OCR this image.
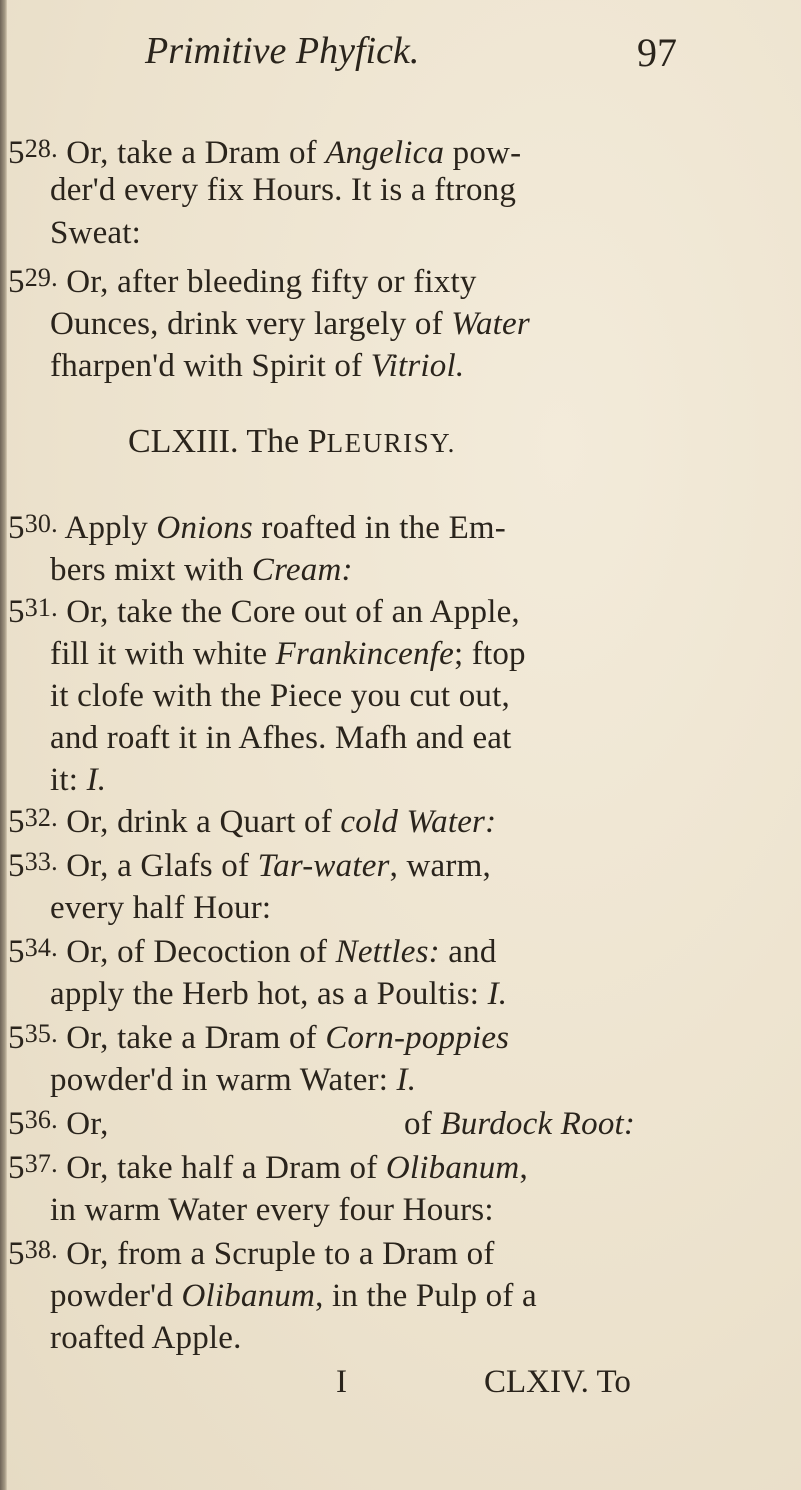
Primitive Phyfick.	97
528. Or, take a Dram of Angelica pow-
der'd every fix Hours. It is a ftrong
Sweat:
529. Or, after bleeding fifty or fixty
Ounces, drink very largely of Water
fharpen'd with Spirit of Vitriol.
CLXIII. The PLEURISY.
530. Apply Onions roafted in the Em-
bers mixt with Cream:
531. Or, take the Core out of an Apple,
fill it with white Frankincenfe; ftop
it clofe with the Piece you cut out,
and roaft it in Afhes. Mafh and eat
it: I.
532. Or, drink a Quart of cold Water:
533. Or, a Glafs of Tar-water, warm,
every half Hour:
534. Or, of Decoction of Nettles: and
apply the Herb hot, as a Poultis: I.
535. Or, take a Dram of Corn-poppies
powder'd in warm Water: I.
536. Or,	of Burdock Root:
537. Or, take half a Dram of Olibanum,
in warm Water every four Hours:
538. Or, from a Scruple to a Dram of
powder'd Olibanum, in the Pulp of a
roafted Apple.
I	CLXIV. To
